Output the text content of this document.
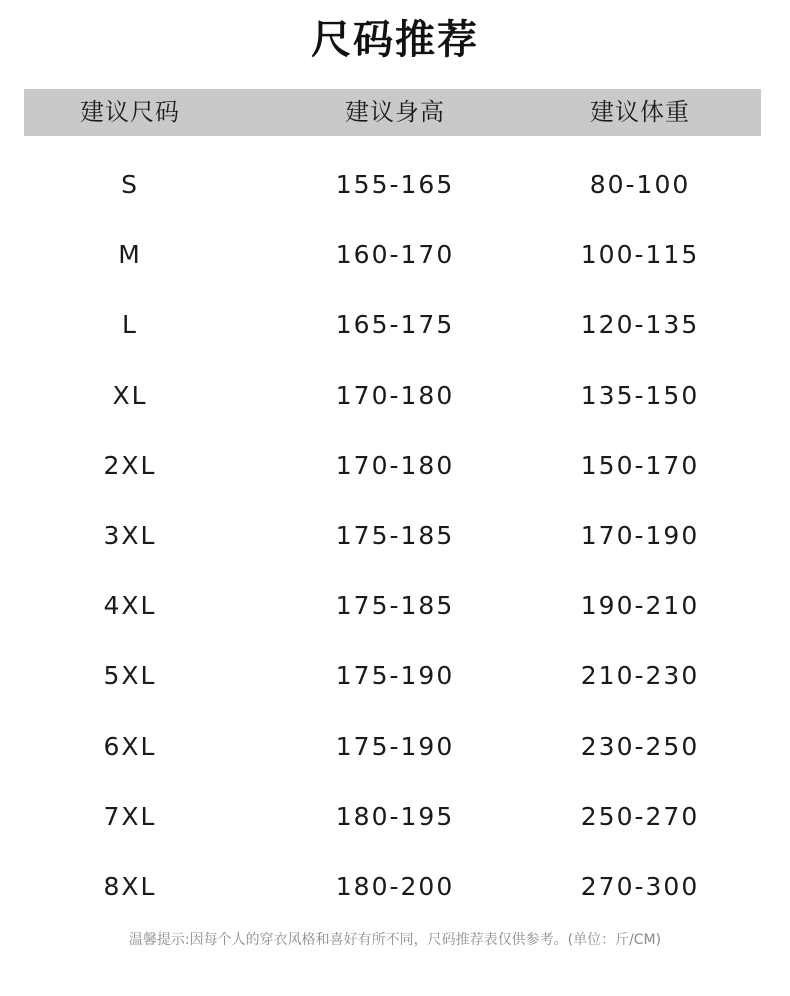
尺码推荐
建议尺码	建议身高	建议体重
S	155-165	80-100
M	160-170	100-115
L	165-175	120-135
XL	170-180	135-150
2XL	170-180	150-170
3XL	175-185	170-190
4XL	175-185	190-210
5XL	175-190	210-230
6XL	175-190	230-250
7XL	180-195	250-270
8XL	180-200	270-300
温馨提示:因每个人的穿衣风格和喜好有所不同，尺码推荐表仅供参考。(单位：斤/CM)
